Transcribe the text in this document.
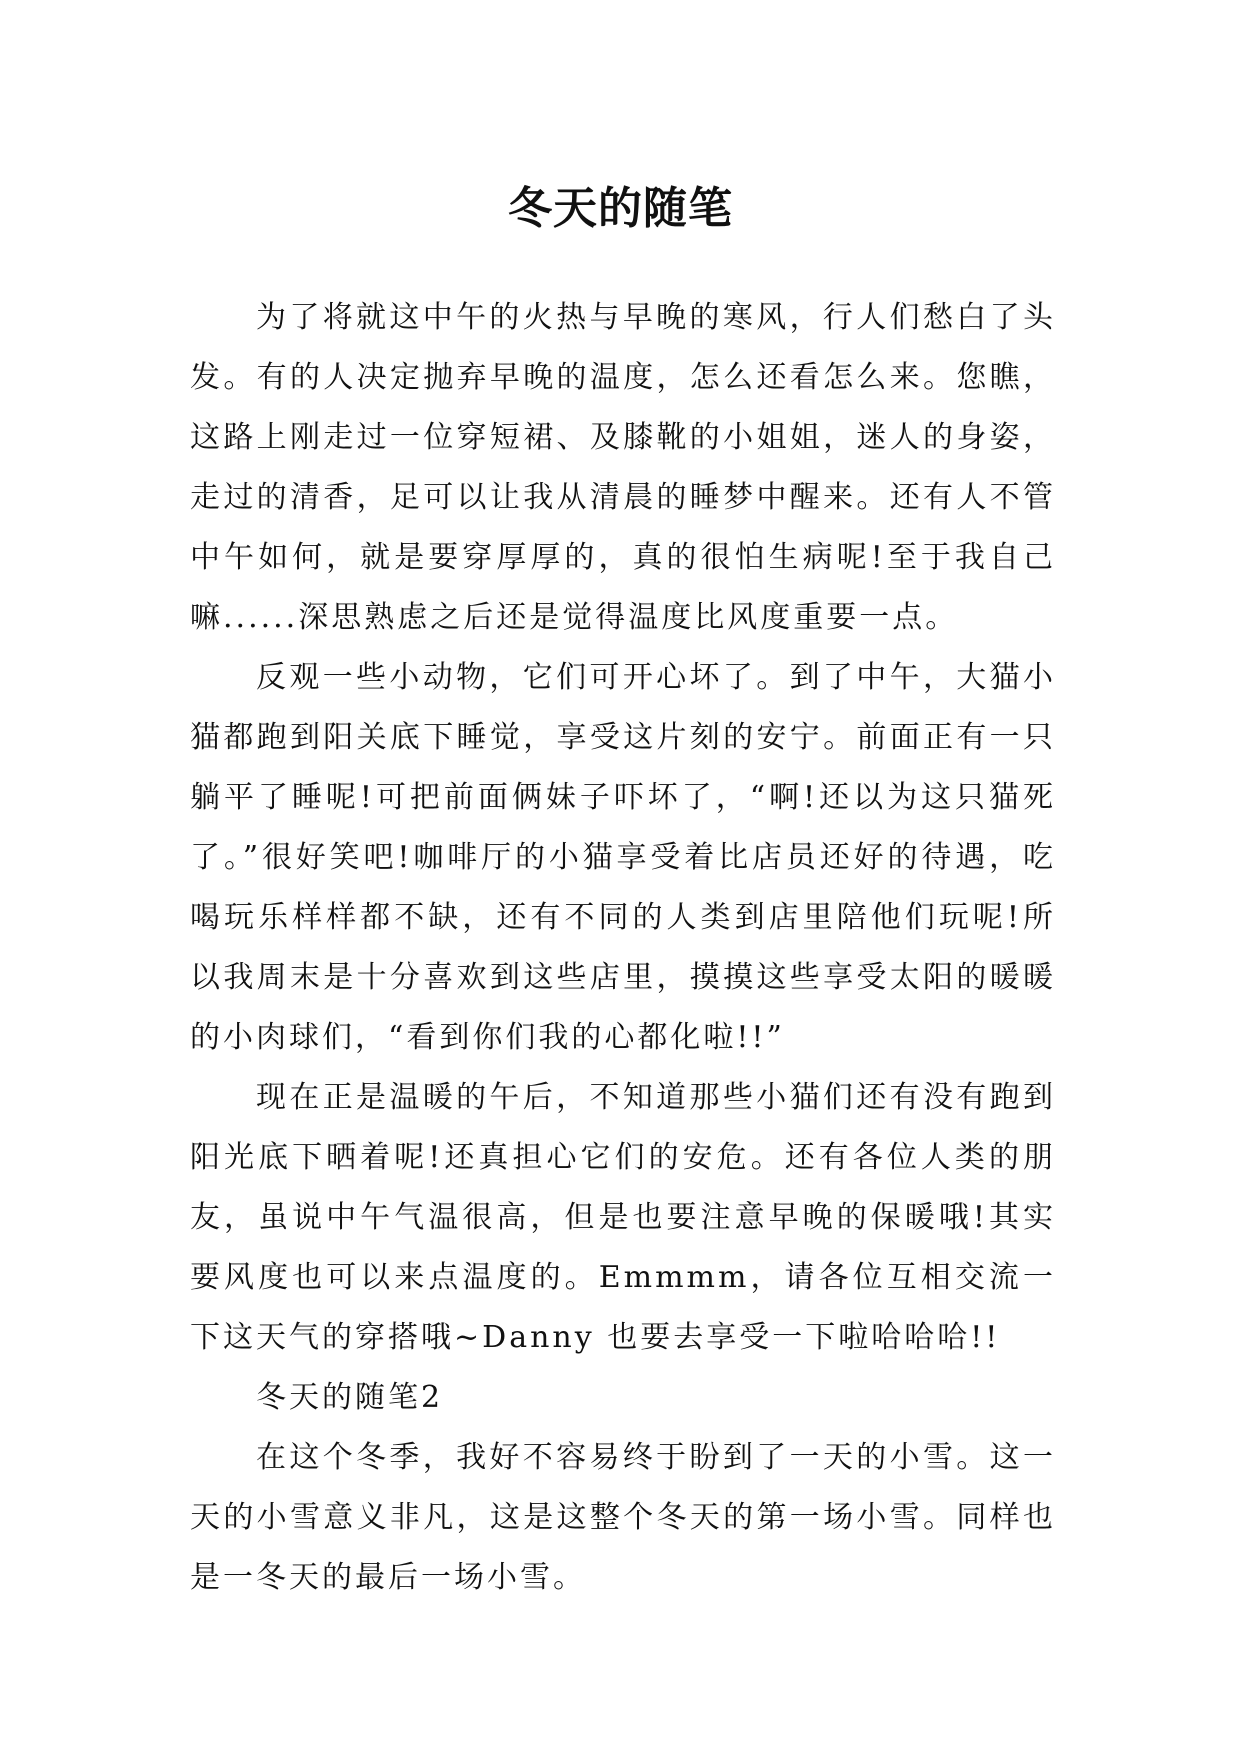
冬天的随笔

为了将就这中午的火热与早晚的寒风，行人们愁白了头发。有的人决定抛弃早晚的温度，怎么还看怎么来。您瞧，这路上刚走过一位穿短裙、及膝靴的小姐姐，迷人的身姿，走过的清香，足可以让我从清晨的睡梦中醒来。还有人不管中午如何，就是要穿厚厚的，真的很怕生病呢!至于我自己嘛......深思熟虑之后还是觉得温度比风度重要一点。

反观一些小动物，它们可开心坏了。到了中午，大猫小猫都跑到阳关底下睡觉，享受这片刻的安宁。前面正有一只躺平了睡呢!可把前面俩妹子吓坏了，“啊!还以为这只猫死了。”很好笑吧!咖啡厅的小猫享受着比店员还好的待遇，吃喝玩乐样样都不缺，还有不同的人类到店里陪他们玩呢!所以我周末是十分喜欢到这些店里，摸摸这些享受太阳的暖暖的小肉球们，“看到你们我的心都化啦!!”

现在正是温暖的午后，不知道那些小猫们还有没有跑到阳光底下晒着呢!还真担心它们的安危。还有各位人类的朋友，虽说中午气温很高，但是也要注意早晚的保暖哦!其实要风度也可以来点温度的。Emmmm，请各位互相交流一下这天气的穿搭哦~Danny 也要去享受一下啦哈哈哈!!

冬天的随笔2

在这个冬季，我好不容易终于盼到了一天的小雪。这一天的小雪意义非凡，这是这整个冬天的第一场小雪。同样也是一冬天的最后一场小雪。
